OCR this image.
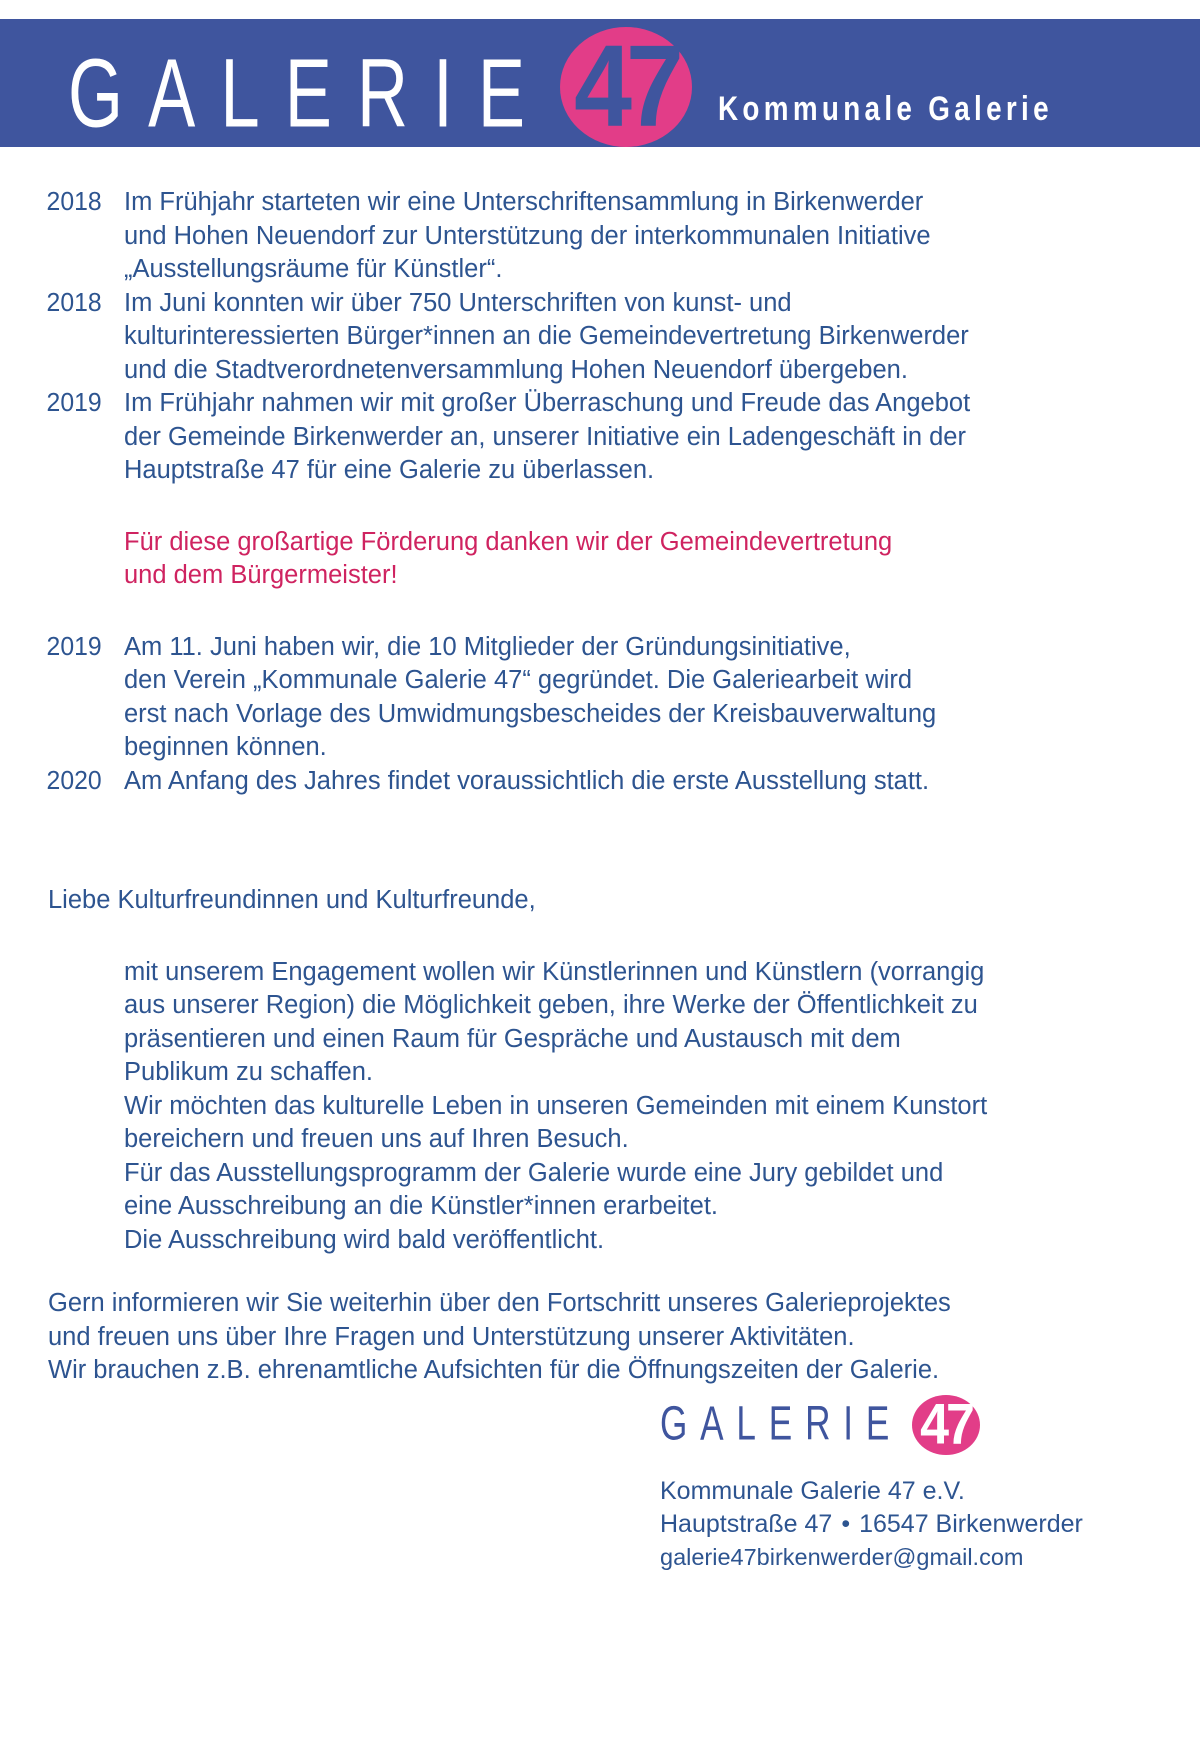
GALERIE 47	Kommunale Galerie
2018 Im Frühjahr starteten wir eine Unterschriftensammlung in Birkenwerder
und Hohen Neuendorf zur Unterstützung der interkommunalen Initiative
„Ausstellungsräume für Künstler“.
2018 Im Juni konnten wir über 750 Unterschriften von kunst- und
kulturinteressierten Bürger*innen an die Gemeindevertretung Birkenwerder
und die Stadtverordnetenversammlung Hohen Neuendorf übergeben.
2019 Im Frühjahr nahmen wir mit großer Überraschung und Freude das Angebot
der Gemeinde Birkenwerder an, unserer Initiative ein Ladengeschäft in der
Hauptstraße 47 für eine Galerie zu überlassen.
Für diese großartige Förderung danken wir der Gemeindevertretung
und dem Bürgermeister!
2019 Am 11. Juni haben wir, die 10 Mitglieder der Gründungsinitiative,
den Verein „Kommunale Galerie 47“ gegründet. Die Galeriearbeit wird
erst nach Vorlage des Umwidmungsbescheides der Kreisbauverwaltung
beginnen können.
2020 Am Anfang des Jahres findet voraussichtlich die erste Ausstellung statt.
Liebe Kulturfreundinnen und Kulturfreunde,
mit unserem Engagement wollen wir Künstlerinnen und Künstlern (vorrangig
aus unserer Region) die Möglichkeit geben, ihre Werke der Öffentlichkeit zu
präsentieren und einen Raum für Gespräche und Austausch mit dem
Publikum zu schaffen.
Wir möchten das kulturelle Leben in unseren Gemeinden mit einem Kunstort
bereichern und freuen uns auf Ihren Besuch.
Für das Ausstellungsprogramm der Galerie wurde eine Jury gebildet und
eine Ausschreibung an die Künstler*innen erarbeitet.
Die Ausschreibung wird bald veröffentlicht.
Gern informieren wir Sie weiterhin über den Fortschritt unseres Galerieprojektes
und freuen uns über Ihre Fragen und Unterstützung unserer Aktivitäten.
Wir brauchen z.B. ehrenamtliche Aufsichten für die Öffnungszeiten der Galerie.
GALERIE 47
Kommunale Galerie 47 e.V.
Hauptstraße 47 • 16547 Birkenwerder
galerie47birkenwerder@gmail.com
